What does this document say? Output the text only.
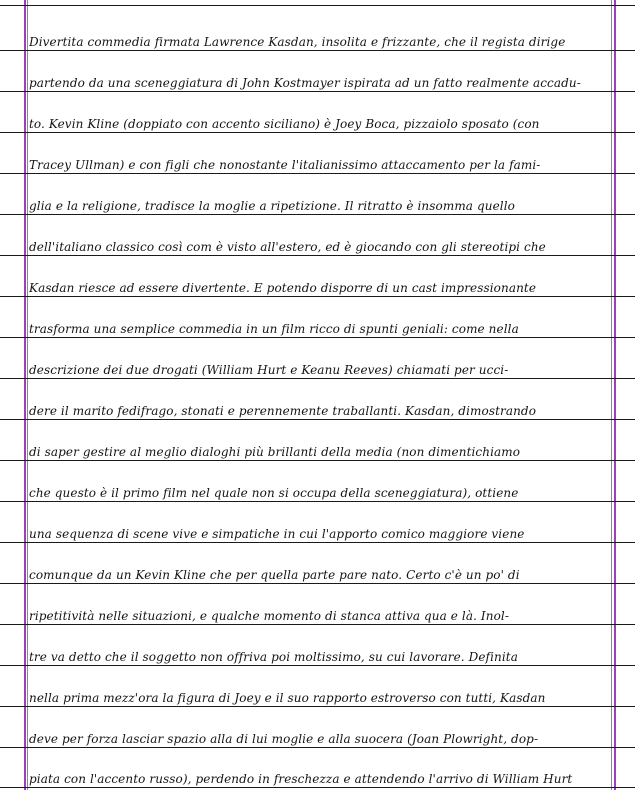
Divertita commedia firmata Lawrence Kasdan, insolita e frizzante, che il regista dirige
partendo da una sceneggiatura di John Kostmayer ispirata ad un fatto realmente accadu-
to. Kevin Kline (doppiato con accento siciliano) è Joey Boca, pizzaiolo sposato (con
Tracey Ullman) e con figli che nonostante l'italianissimo attaccamento per la fami-
glia e la religione, tradisce la moglie a ripetizione. Il ritratto è insomma quello
dell'italiano classico così com è visto all'estero, ed è giocando con gli stereotipi che
Kasdan riesce ad essere divertente. E potendo disporre di un cast impressionante
trasforma una semplice commedia in un film ricco di spunti geniali: come nella
descrizione dei due drogati (William Hurt e Keanu Reeves) chiamati per ucci-
dere il marito fedifrago, stonati e perennemente traballanti. Kasdan, dimostrando
di saper gestire al meglio dialoghi più brillanti della media (non dimentichiamo
che questo è il primo film nel quale non si occupa della sceneggiatura), ottiene
una sequenza di scene vive e simpatiche in cui l'apporto comico maggiore viene
comunque da un Kevin Kline che per quella parte pare nato. Certo c'è un po' di
ripetitività nelle situazioni, e qualche momento di stanca attiva qua e là. Inol-
tre va detto che il soggetto non offriva poi moltissimo, su cui lavorare. Definita
nella prima mezz'ora la figura di Joey e il suo rapporto estroverso con tutti, Kasdan
deve per forza lasciar spazio alla di lui moglie e alla suocera (Joan Plowright, dop-
piata con l'accento russo), perdendo in freschezza e attendendo l'arrivo di William Hurt
